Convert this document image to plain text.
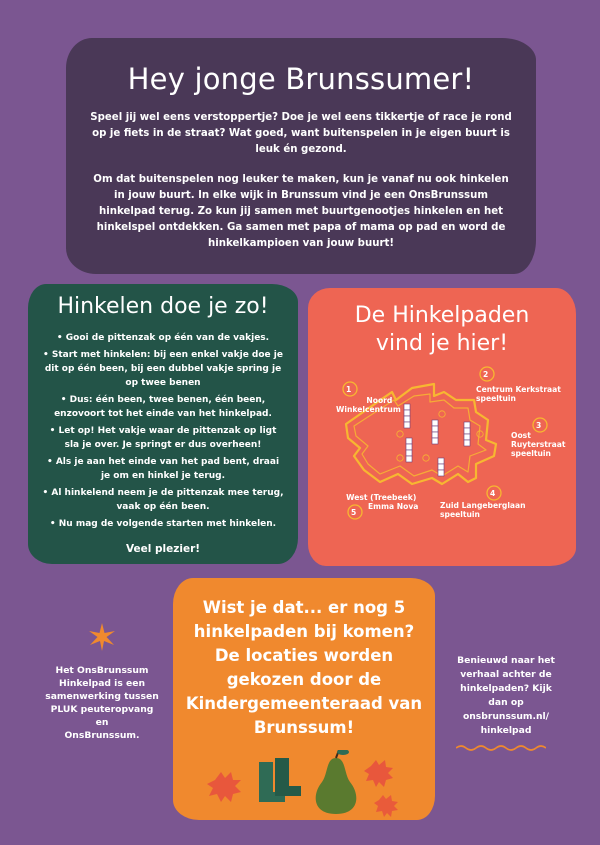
Hey jonge Brunssumer!

Speel jij wel eens verstoppertje? Doe je wel eens tikkertje of race je rond op je fiets in de straat? Wat goed, want buitenspelen in je eigen buurt is leuk én gezond.

Om dat buitenspelen nog leuker te maken, kun je vanaf nu ook hinkelen in jouw buurt. In elke wijk in Brunssum vind je een OnsBrunssum hinkelpad terug. Zo kun jij samen met buurtgenootjes hinkelen en het hinkelspel ontdekken. Ga samen met papa of mama op pad en word de hinkelkampioen van jouw buurt!

Hinkelen doe je zo!
• Gooi de pittenzak op één van de vakjes.
• Start met hinkelen: bij een enkel vakje doe je dit op één been, bij een dubbel vakje spring je op twee benen
• Dus: één been, twee benen, één been, enzovoort tot het einde van het hinkelpad.
• Let op! Het vakje waar de pittenzak op ligt sla je over. Je springt er dus overheen!
• Als je aan het einde van het pad bent, draai je om en hinkel je terug.
• Al hinkelend neem je de pittenzak mee terug, vaak op één been.
• Nu mag de volgende starten met hinkelen.
Veel plezier!
De Hinkelpaden
vind je hier!
1
2
3
4
5
Noord
Winkelcentrum
Centrum Kerkstraat
speeltuin
Oost
Ruyterstraat
speeltuin
Zuid Langeberglaan
speeltuin
West (Treebeek)
Emma Nova

Wist je dat... er nog 5

hinkelpaden bij komen?

De locaties worden

gekozen door de

Kindergemeenteraad van

Brunssum!

Het OnsBrunssum
Hinkelpad is een
samenwerking tussen
PLUK peuteropvang en
OnsBrunssum.
Benieuwd naar het
verhaal achter de
hinkelpaden? Kijk
dan op
onsbrunssum.nl/
hinkelpad
